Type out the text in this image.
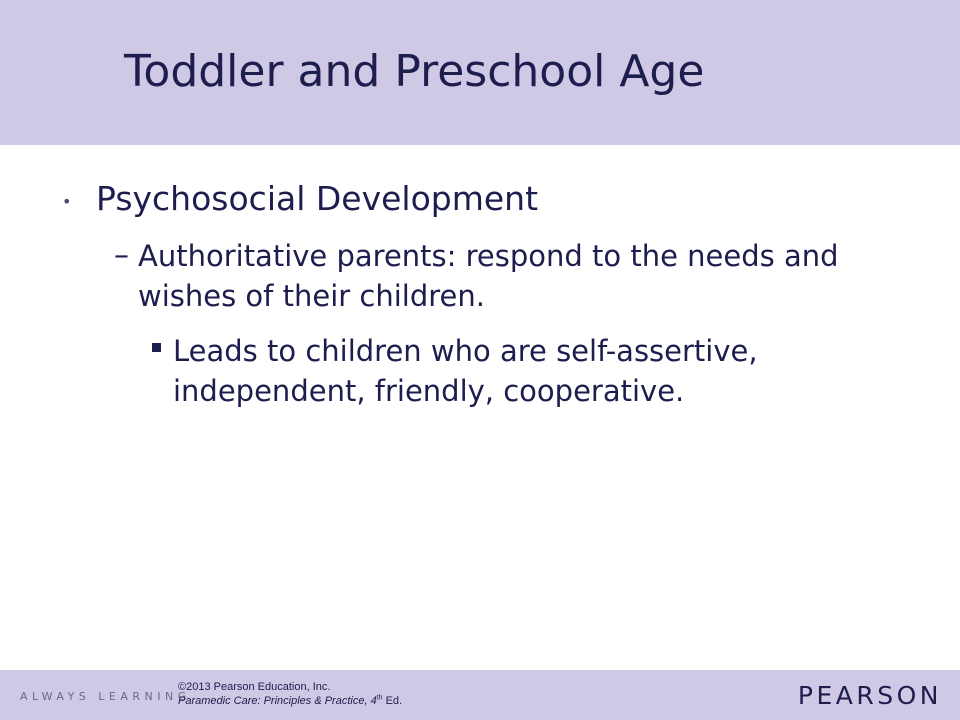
Toddler and Preschool Age
• Psychosocial Development
– Authoritative parents: respond to the needs and wishes of their children.
Leads to children who are self-assertive, independent, friendly, cooperative.
ALWAYS LEARNING
©2013 Pearson Education, Inc.
Paramedic Care: Principles & Practice, 4th Ed.	PEARSON
